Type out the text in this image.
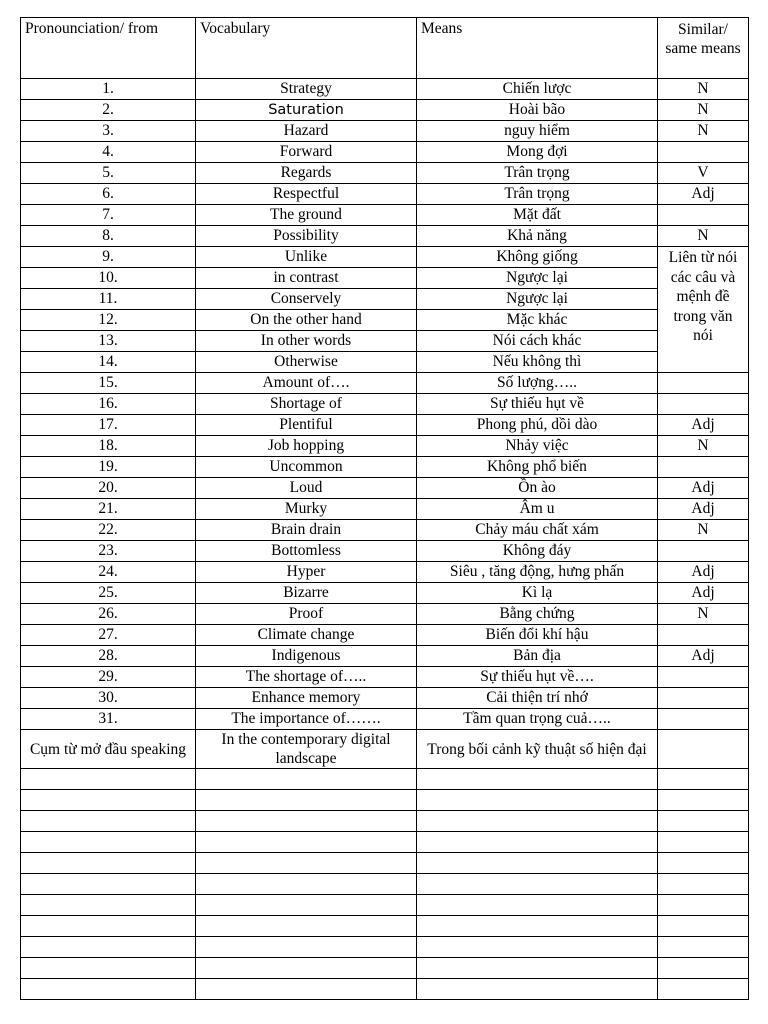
Pronounciation/ from	Vocabulary	Means	Similar/ same means
1.	Strategy	Chiến lược	N
2.	Saturation	Hoài bão	N
3.	Hazard	nguy hiểm	N
4.	Forward	Mong đợi	
5.	Regards	Trân trọng	V
6.	Respectful	Trân trọng	Adj
7.	The ground	Mặt đất	
8.	Possibility	Khả năng	N
9.	Unlike	Không giống	Liên từ nói các câu và mệnh đề trong văn nói
10.	in contrast	Ngược lại	
11.	Conservely	Ngược lại	
12.	On the other hand	Mặc khác	
13.	In other words	Nói cách khác	
14.	Otherwise	Nếu không thì	
15.	Amount of….	Số lượng…..	
16.	Shortage of	Sự thiếu hụt về	
17.	Plentiful	Phong phú, dồi dào	Adj
18.	Job hopping	Nhảy việc	N
19.	Uncommon	Không phổ biến	
20.	Loud	Ồn ào	Adj
21.	Murky	Âm u	Adj
22.	Brain drain	Chảy máu chất xám	N
23.	Bottomless	Không đáy	
24.	Hyper	Siêu , tăng động, hưng phấn	Adj
25.	Bizarre	Kì lạ	Adj
26.	Proof	Bằng chứng	N
27.	Climate change	Biến đổi khí hậu	
28.	Indigenous	Bản địa	Adj
29.	The shortage of…..	Sự thiếu hụt về….	
30.	Enhance memory	Cải thiện trí nhớ	
31.	The importance of…….	Tầm quan trọng cuả…..	
Cụm từ mở đầu speaking	In the contemporary digital landscape	Trong bối cảnh kỹ thuật số hiện đại	
